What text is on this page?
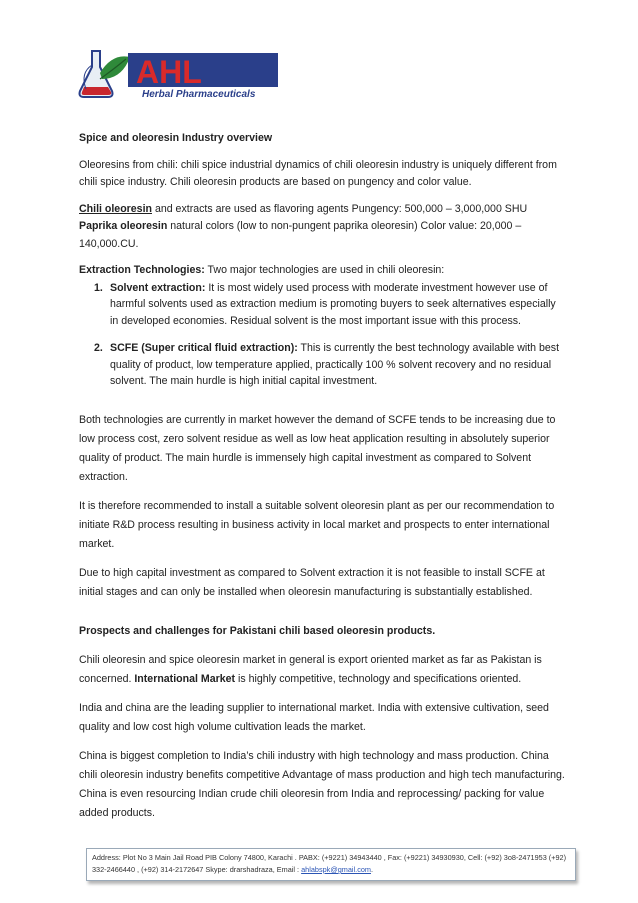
AHL
Herbal Pharmaceuticals

Spice and oleoresin Industry overview

Oleoresins from chili: chili spice industrial dynamics of chili oleoresin industry is uniquely different from chili spice industry. Chili oleoresin products are based on pungency and color value.

Chili oleoresin and extracts are used as flavoring agents Pungency: 500,000 – 3,000,000 SHU

Paprika oleoresin natural colors (low to non-pungent paprika oleoresin) Color value: 20,000 – 140,000.CU.

Extraction Technologies: Two major technologies are used in chili oleoresin:

1. Solvent extraction: It is most widely used process with moderate investment however use of harmful solvents used as extraction medium is promoting buyers to seek alternatives especially in developed economies. Residual solvent is the most important issue with this process.
2. SCFE (Super critical fluid extraction): This is currently the best technology available with best quality of product, low temperature applied, practically 100 % solvent recovery and no residual solvent. The main hurdle is high initial capital investment.

Both technologies are currently in market however the demand of SCFE tends to be increasing due to low process cost, zero solvent residue as well as low heat application resulting in absolutely superior quality of product. The main hurdle is immensely high capital investment as compared to Solvent extraction.

It is therefore recommended to install a suitable solvent oleoresin plant as per our recommendation to initiate R&D process resulting in business activity in local market and prospects to enter international market.

Due to high capital investment as compared to Solvent extraction it is not feasible to install SCFE at initial stages and can only be installed when oleoresin manufacturing is substantially established.

Prospects and challenges for Pakistani chili based oleoresin products.

Chili oleoresin and spice oleoresin market in general is export oriented market as far as Pakistan is concerned. International Market is highly competitive, technology and specifications oriented.

India and china are the leading supplier to international market. India with extensive cultivation, seed quality and low cost high volume cultivation leads the market.

China is biggest completion to India’s chili industry with high technology and mass production. China chili oleoresin industry benefits competitive Advantage of mass production and high tech manufacturing. China is even resourcing Indian crude chili oleoresin from India and reprocessing/ packing for value added products.

Address: Plot No 3 Main Jail Road PIB Colony 74800, Karachi . PABX: (+9221) 34943440 , Fax: (+9221) 34930930, Cell: (+92) 3o8-2471953 (+92) 332-2466440 , (+92) 314-2172647 Skype: drarshadraza, Email : ahlabspk@gmail.com.
